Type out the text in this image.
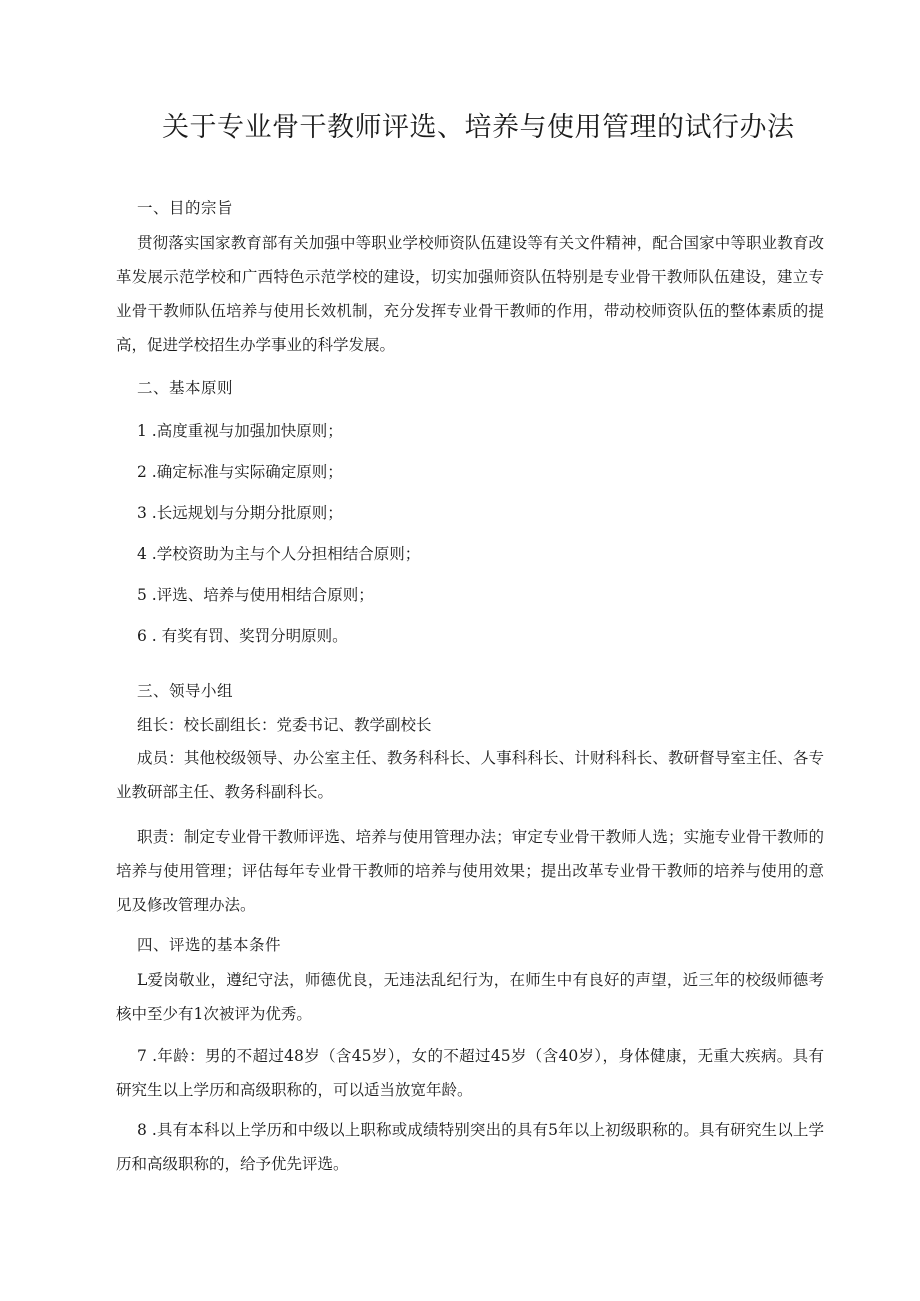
关于专业骨干教师评选、培养与使用管理的试行办法
一、目的宗旨
贯彻落实国家教育部有关加强中等职业学校师资队伍建设等有关文件精神，配合国家中等职业教育改革发展示范学校和广西特色示范学校的建设，切实加强师资队伍特别是专业骨干教师队伍建设，建立专业骨干教师队伍培养与使用长效机制，充分发挥专业骨干教师的作用，带动校师资队伍的整体素质的提高，促进学校招生办学事业的科学发展。
二、基本原则
1 .高度重视与加强加快原则；
2 .确定标准与实际确定原则；
3 .长远规划与分期分批原则；
4 .学校资助为主与个人分担相结合原则；
5 .评选、培养与使用相结合原则；
6 . 有奖有罚、奖罚分明原则。
三、领导小组
组长：校长副组长：党委书记、教学副校长
成员：其他校级领导、办公室主任、教务科科长、人事科科长、计财科科长、教研督导室主任、各专业教研部主任、教务科副科长。
职责：制定专业骨干教师评选、培养与使用管理办法；审定专业骨干教师人选；实施专业骨干教师的培养与使用管理；评估每年专业骨干教师的培养与使用效果；提出改革专业骨干教师的培养与使用的意见及修改管理办法。
四、评选的基本条件
L爱岗敬业，遵纪守法，师德优良，无违法乱纪行为，在师生中有良好的声望，近三年的校级师德考核中至少有1次被评为优秀。
7 .年龄：男的不超过48岁（含45岁），女的不超过45岁（含40岁），身体健康，无重大疾病。具有研究生以上学历和高级职称的，可以适当放宽年龄。
8 .具有本科以上学历和中级以上职称或成绩特别突出的具有5年以上初级职称的。具有研究生以上学历和高级职称的，给予优先评选。
